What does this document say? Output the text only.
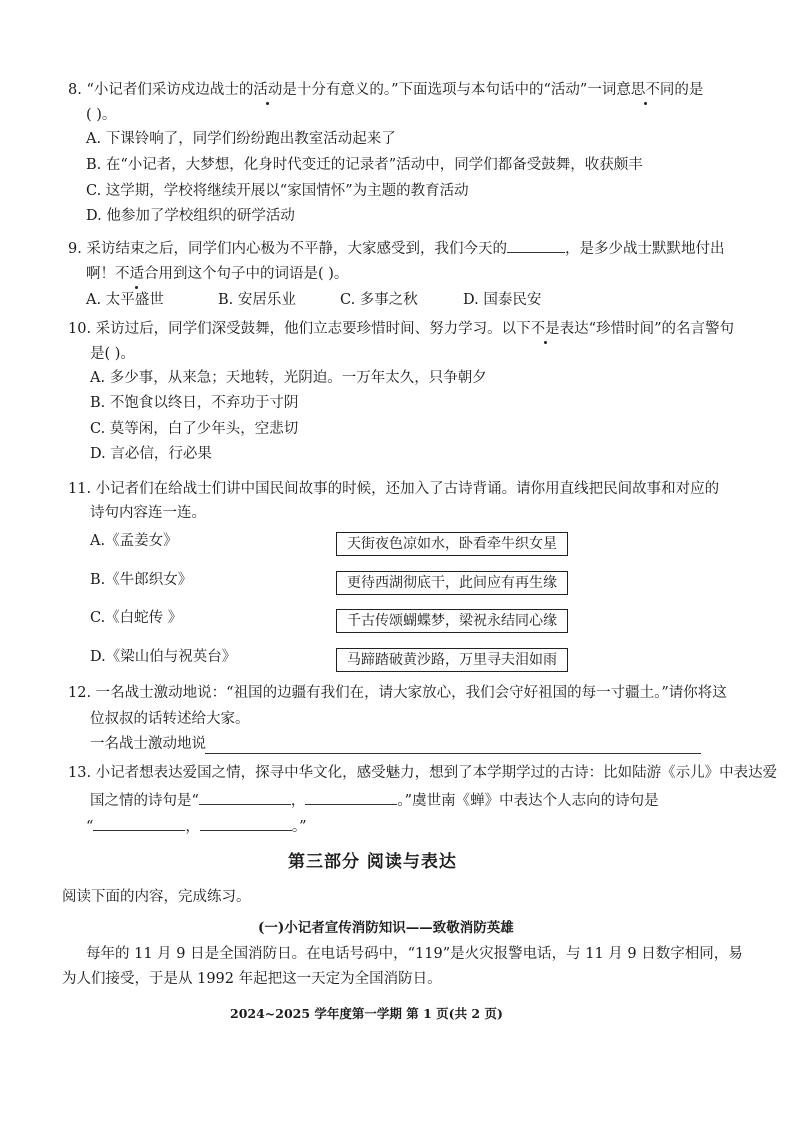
8. “小记者们采访戍边战士的活动是十分有意义的。”下面选项与本句话中的“活动”一词意思不同的是
( )。
A. 下课铃响了，同学们纷纷跑出教室活动起来了
B. 在“小记者，大梦想，化身时代变迁的记录者”活动中，同学们都备受鼓舞，收获颇丰
C. 这学期，学校将继续开展以“家国情怀”为主题的教育活动
D. 他参加了学校组织的研学活动
9. 采访结束之后，同学们内心极为不平静，大家感受到，我们今天的	，是多少战士默默地付出
啊！不适合用到这个句子中的词语是( )。
A. 太平盛世	B. 安居乐业	C. 多事之秋	D. 国泰民安
10. 采访过后，同学们深受鼓舞，他们立志要珍惜时间、努力学习。以下不是表达“珍惜时间”的名言警句
是( )。
A. 多少事，从来急；天地转，光阴迫。一万年太久，只争朝夕
B. 不饱食以终日，不弃功于寸阴
C. 莫等闲，白了少年头，空悲切
D. 言必信，行必果
11. 小记者们在给战士们讲中国民间故事的时候，还加入了古诗背诵。请你用直线把民间故事和对应的
诗句内容连一连。
A.《孟姜女》
B.《牛郎织女》
C.《白蛇传 》
D.《梁山伯与祝英台》
天街夜色凉如水，卧看牵牛织女星
更待西湖彻底干，此间应有再生缘
千古传颂蝴蝶梦，梁祝永结同心缘
马蹄踏破黄沙路，万里寻夫泪如雨
12. 一名战士激动地说：“祖国的边疆有我们在，请大家放心，我们会守好祖国的每一寸疆土。”请你将这
位叔叔的话转述给大家。
一名战士激动地说
13. 小记者想表达爱国之情，探寻中华文化，感受魅力，想到了本学期学过的古诗：比如陆游《示儿》中表达爱
国之情的诗句是“	，	。”虞世南《蝉》中表达个人志向的诗句是
“	，	。”
第三部分 阅读与表达
阅读下面的内容，完成练习。
(一)小记者宣传消防知识——致敬消防英雄
每年的 11 月 9 日是全国消防日。在电话号码中，“119”是火灾报警电话，与 11 月 9 日数字相同，易
为人们接受，于是从 1992 年起把这一天定为全国消防日。
2024~2025 学年度第一学期 第 1 页(共 2 页)
